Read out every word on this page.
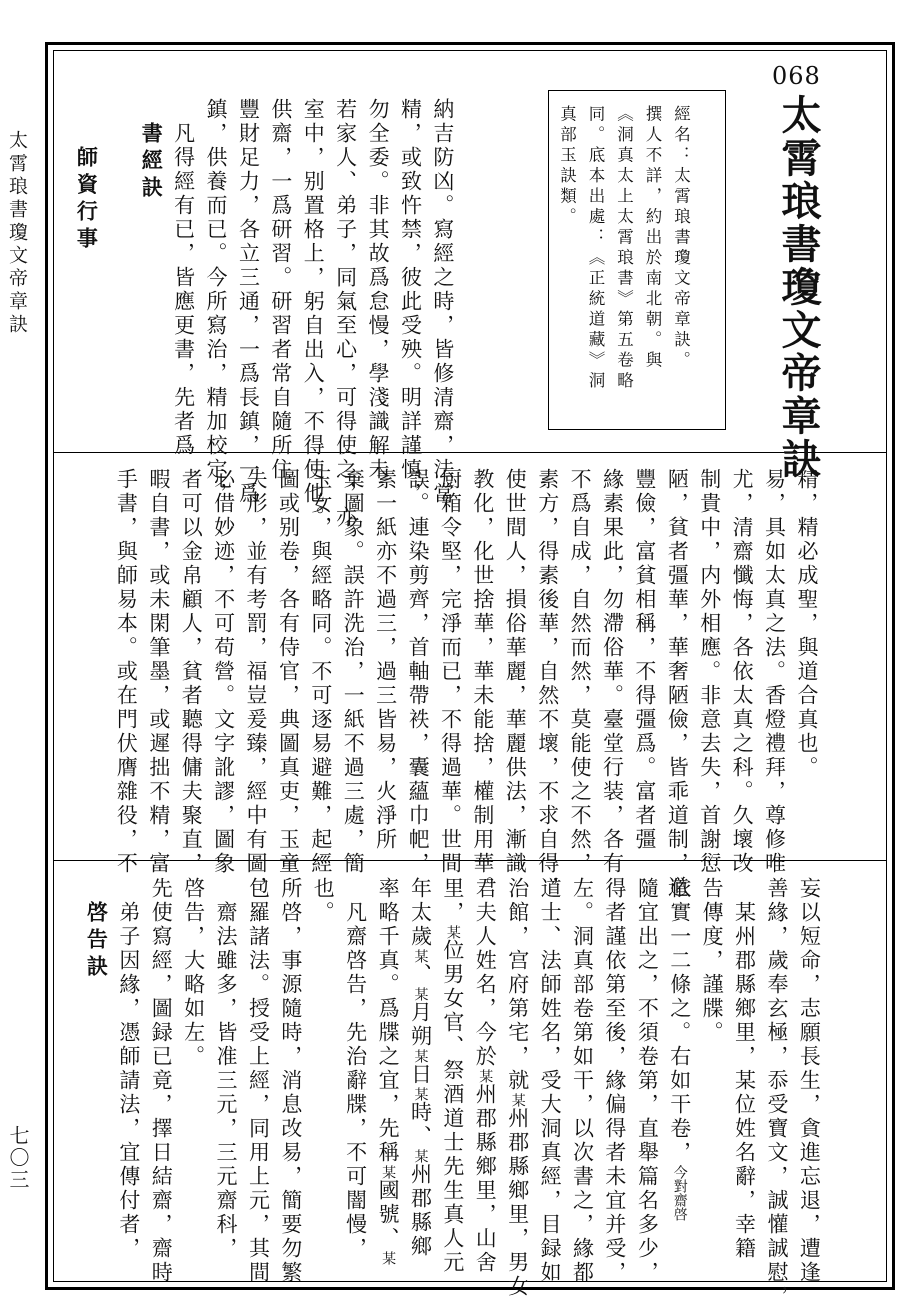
太霄琅書瓊文帝章訣
七〇三
068
太霄琅書瓊文帝章訣

經名：太霄琅書瓊文帝章訣。

撰人不詳，約出於南北朝。與

《洞真太上太霄琅書》第五卷略

同。底本出處：《正統道藏》洞

真部玉訣類。

納吉防凶。寫經之時，皆修清齋，法當

精，或致忤禁，彼此受殃。明詳謹慎，

勿全委。非其故爲怠慢，學淺識解未

若家人、弟子，同氣至心，可得使之，亦

室中，别置格上，躬自出入，不得使他。

供齋，一爲研習。研習者常自隨所住

豐財足力，各立三通，一爲長鎮，一爲

鎮，供養而已。今所寫治，精加校定，

凡得經有已，皆應更書，先者爲

書經訣

師資行事

精，精必成聖，與道合真也。

易，具如太真之法。香燈禮拜，尊修唯

尤，清齋懺悔，各依太真之科。久壞改

制貴中，内外相應。非意去失，首謝愆

陋，貧者彊華，華奢陋儉，皆乖道制，道

豐儉，富貧相稱，不得彊爲。富者彊

緣素果此，勿滯俗華。臺堂行装，各有

不爲自成，自然而然，莫能使之不然，

素方，得素後華，自然不壞，不求自得，

使世間人，損俗華麗，華麗供法，漸識

教化，化世捨華，華未能捨，權制用華。

厨箱令堅，完淨而已，不得過華。世間

誤。連染剪齊，首軸帶袟，囊蘊巾帊，

素一紙亦不過三，過三皆易，火淨所

棄圖象。誤許洗治，一紙不過三處，簡

玉女，與經略同。不可逐易避難，起經

圖或别卷，各有侍官，典圖真吏，玉童

失形，並有考罰，福豈爰臻，經中有圖，

必借妙迹，不可苟營。文字訛謬，圖象

者可以金帛顧人，貧者聽得傭夫聚直，

暇自書，或未閑筆墨，或遲拙不精，富

手書，與師易本。或在門伏膺雜役，不

妄以短命，志願長生，貪進忘退，遭逢

善緣，歲奉玄極，忝受寶文，誠懽誠慰，

某州郡縣鄉里，某位姓名辭，幸籍

告傳度，謹牒。

依實一二條之。右如干卷，今對齋啓

隨宜出之，不須卷第，直舉篇名多少，

得者謹依第至後，緣偏得者未宜并受，

左。洞真部卷第如干，以次書之，緣都

道士、法師姓名，受大洞真經，目録如

治館，宫府第宅，就某州郡縣鄉里，男女

君夫人姓名，今於某州郡縣鄉里，山舍

里，某位男女官、祭酒道士先生真人元

年太歲某、某月朔某日某時、某州郡縣鄉

率略千真。爲牒之宜，先稱某國號、某

凡齋啓告，先治辭牒，不可闇慢，

也。

所啓，事源隨時，消息改易，簡要勿繁

包羅諸法。授受上經，同用上元，其間

齋法雖多，皆准三元，三元齋科，

啓告，大略如左。

先使寫經，圖録已竟，擇日結齋，齋時

弟子因緣，憑師請法，宜傳付者，

啓告訣
